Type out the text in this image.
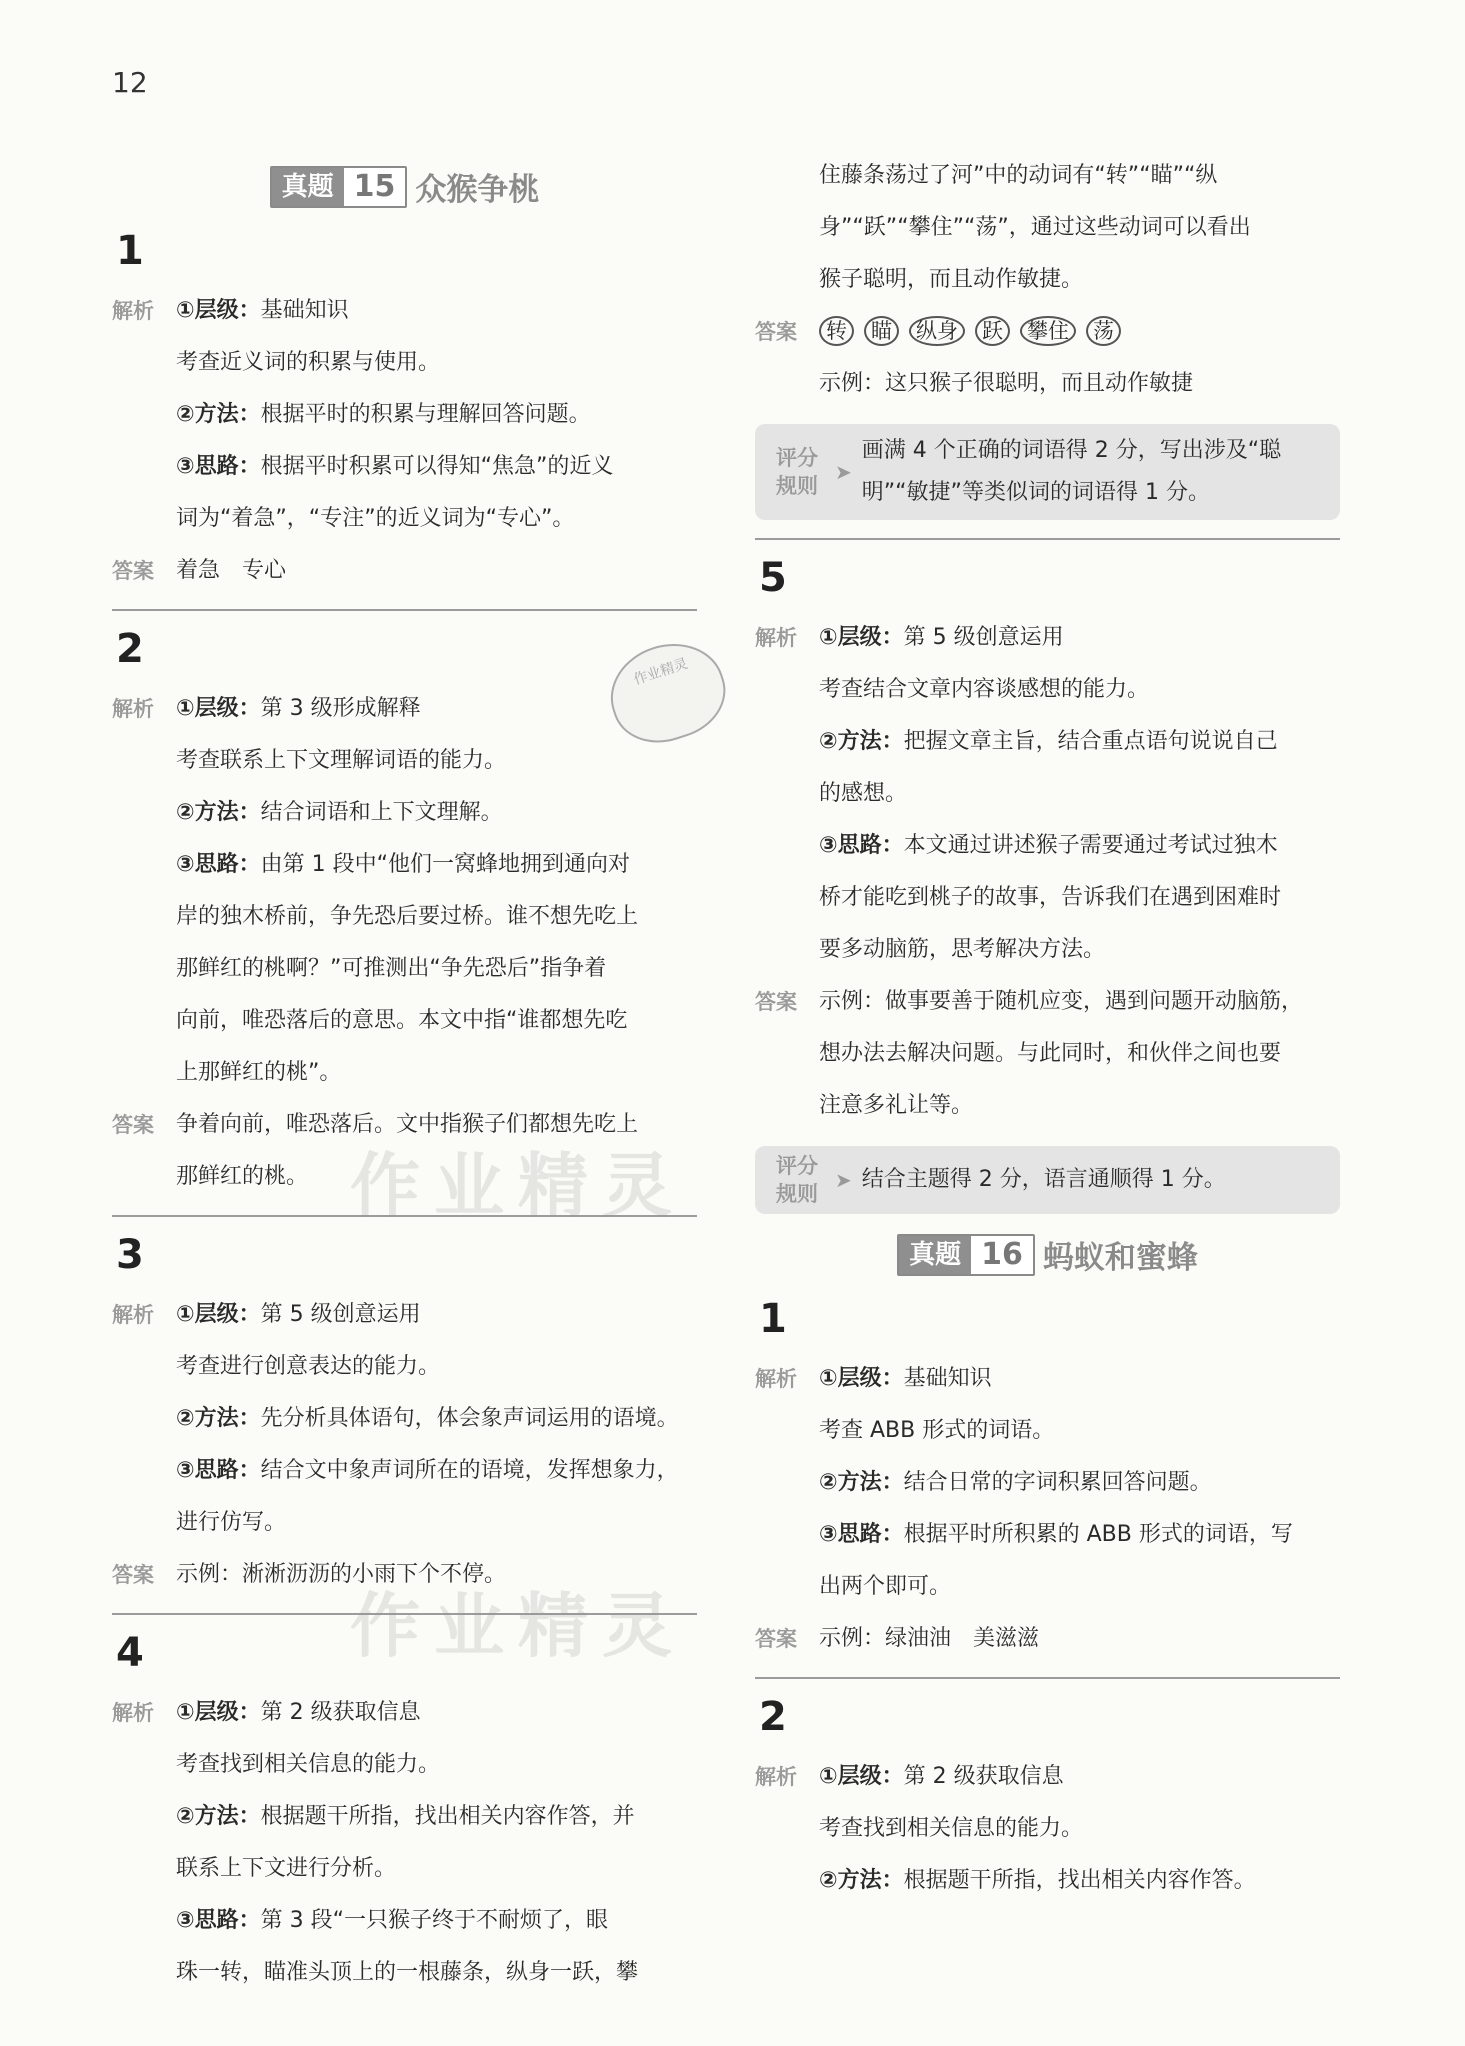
12
真题 15 众猴争桃
1
解析	①层级：基础知识
考查近义词的积累与使用。
②方法：根据平时的积累与理解回答问题。
③思路：根据平时积累可以得知“焦急”的近义
词为“着急”，“专注”的近义词为“专心”。
答案	着急　专心
2
解析	①层级：第 3 级形成解释
考查联系上下文理解词语的能力。
②方法：结合词语和上下文理解。
③思路：由第 1 段中“他们一窝蜂地拥到通向对
岸的独木桥前，争先恐后要过桥。谁不想先吃上
那鲜红的桃啊？”可推测出“争先恐后”指争着
向前，唯恐落后的意思。本文中指“谁都想先吃
上那鲜红的桃”。
答案	争着向前，唯恐落后。文中指猴子们都想先吃上
那鲜红的桃。
3
解析	①层级：第 5 级创意运用
考查进行创意表达的能力。
②方法：先分析具体语句，体会象声词运用的语境。
③思路：结合文中象声词所在的语境，发挥想象力，
进行仿写。
答案	示例：淅淅沥沥的小雨下个不停。
4
解析	①层级：第 2 级获取信息
考查找到相关信息的能力。
②方法：根据题干所指，找出相关内容作答，并
联系上下文进行分析。
③思路：第 3 段“一只猴子终于不耐烦了，眼
珠一转，瞄准头顶上的一根藤条，纵身一跃，攀
住藤条荡过了河”中的动词有“转”“瞄”“纵
身”“跃”“攀住”“荡”，通过这些动词可以看出
猴子聪明，而且动作敏捷。
答案	转 瞄 纵身 跃 攀住 荡
示例：这只猴子很聪明，而且动作敏捷
评分
规则
➤
画满 4 个正确的词语得 2 分，写出涉及“聪
明”“敏捷”等类似词的词语得 1 分。
5
解析	①层级：第 5 级创意运用
考查结合文章内容谈感想的能力。
②方法：把握文章主旨，结合重点语句说说自己
的感想。
③思路：本文通过讲述猴子需要通过考试过独木
桥才能吃到桃子的故事，告诉我们在遇到困难时
要多动脑筋，思考解决方法。
答案	示例：做事要善于随机应变，遇到问题开动脑筋，
想办法去解决问题。与此同时，和伙伴之间也要
注意多礼让等。
评分
规则
➤ 结合主题得 2 分，语言通顺得 1 分。
真题 16 蚂蚁和蜜蜂
1
解析	①层级：基础知识
考查 ABB 形式的词语。
②方法：结合日常的字词积累回答问题。
③思路：根据平时所积累的 ABB 形式的词语，写
出两个即可。
答案	示例：绿油油　美滋滋
2
解析	①层级：第 2 级获取信息
考查找到相关信息的能力。
②方法：根据题干所指，找出相关内容作答。
作业精灵
作业精灵
作业精灵
